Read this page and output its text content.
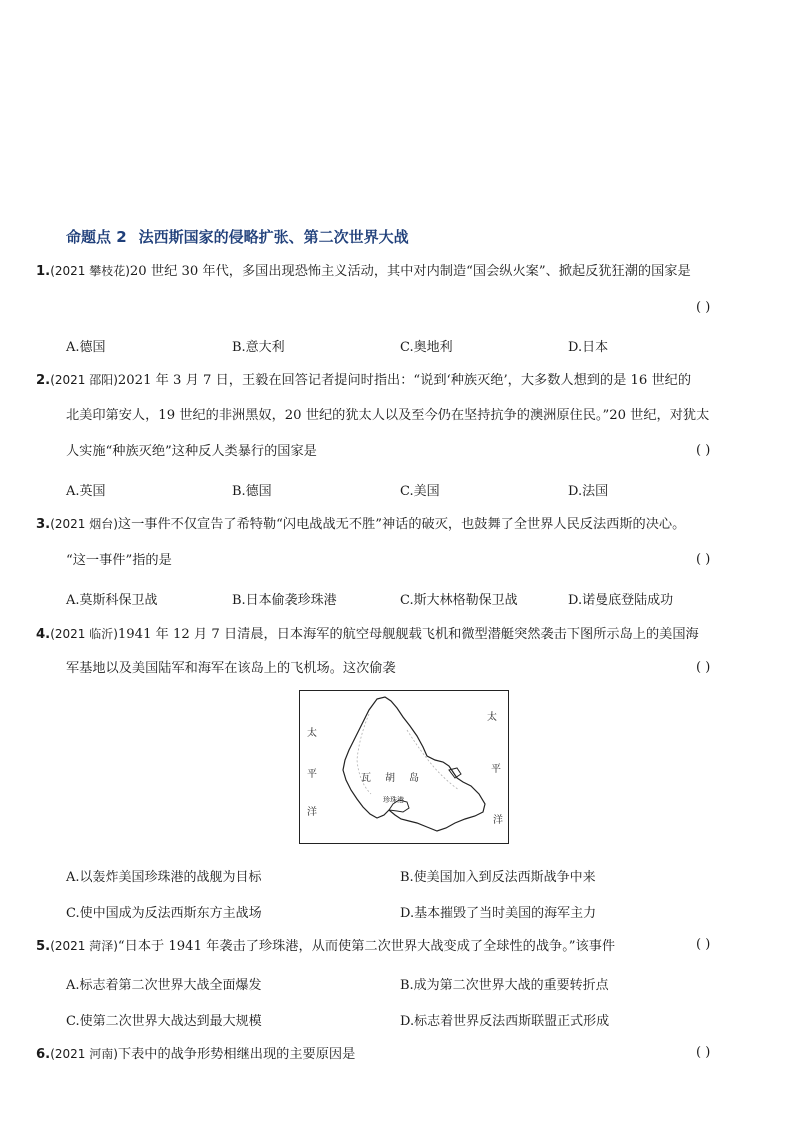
命题点 2 法西斯国家的侵略扩张、第二次世界大战
1.(2021 攀枝花)20 世纪 30 年代，多国出现恐怖主义活动，其中对内制造“国会纵火案”、掀起反犹狂潮的国家是
( )
A.德国	B.意大利	C.奥地利	D.日本
2.(2021 邵阳)2021 年 3 月 7 日，王毅在回答记者提问时指出：“说到‘种族灭绝’，大多数人想到的是 16 世纪的
北美印第安人，19 世纪的非洲黑奴，20 世纪的犹太人以及至今仍在坚持抗争的澳洲原住民。”20 世纪，对犹太
人实施“种族灭绝”这种反人类暴行的国家是	( )
A.英国	B.德国	C.美国	D.法国
3.(2021 烟台)这一事件不仅宣告了希特勒“闪电战战无不胜”神话的破灭，也鼓舞了全世界人民反法西斯的决心。
“这一事件”指的是	( )
A.莫斯科保卫战	B.日本偷袭珍珠港	C.斯大林格勒保卫战	D.诺曼底登陆成功
4.(2021 临沂)1941 年 12 月 7 日清晨，日本海军的航空母舰舰载飞机和微型潜艇突然袭击下图所示岛上的美国海
军基地以及美国陆军和海军在该岛上的飞机场。这次偷袭	( )
太
平
洋
太
平
洋
瓦 胡 岛
珍珠港
A.以轰炸美国珍珠港的战舰为目标	B.使美国加入到反法西斯战争中来
C.使中国成为反法西斯东方主战场	D.基本摧毁了当时美国的海军主力
5.(2021 菏泽)“日本于 1941 年袭击了珍珠港，从而使第二次世界大战变成了全球性的战争。”该事件	( )
A.标志着第二次世界大战全面爆发	B.成为第二次世界大战的重要转折点
C.使第二次世界大战达到最大规模	D.标志着世界反法西斯联盟正式形成
6.(2021 河南)下表中的战争形势相继出现的主要原因是	( )
